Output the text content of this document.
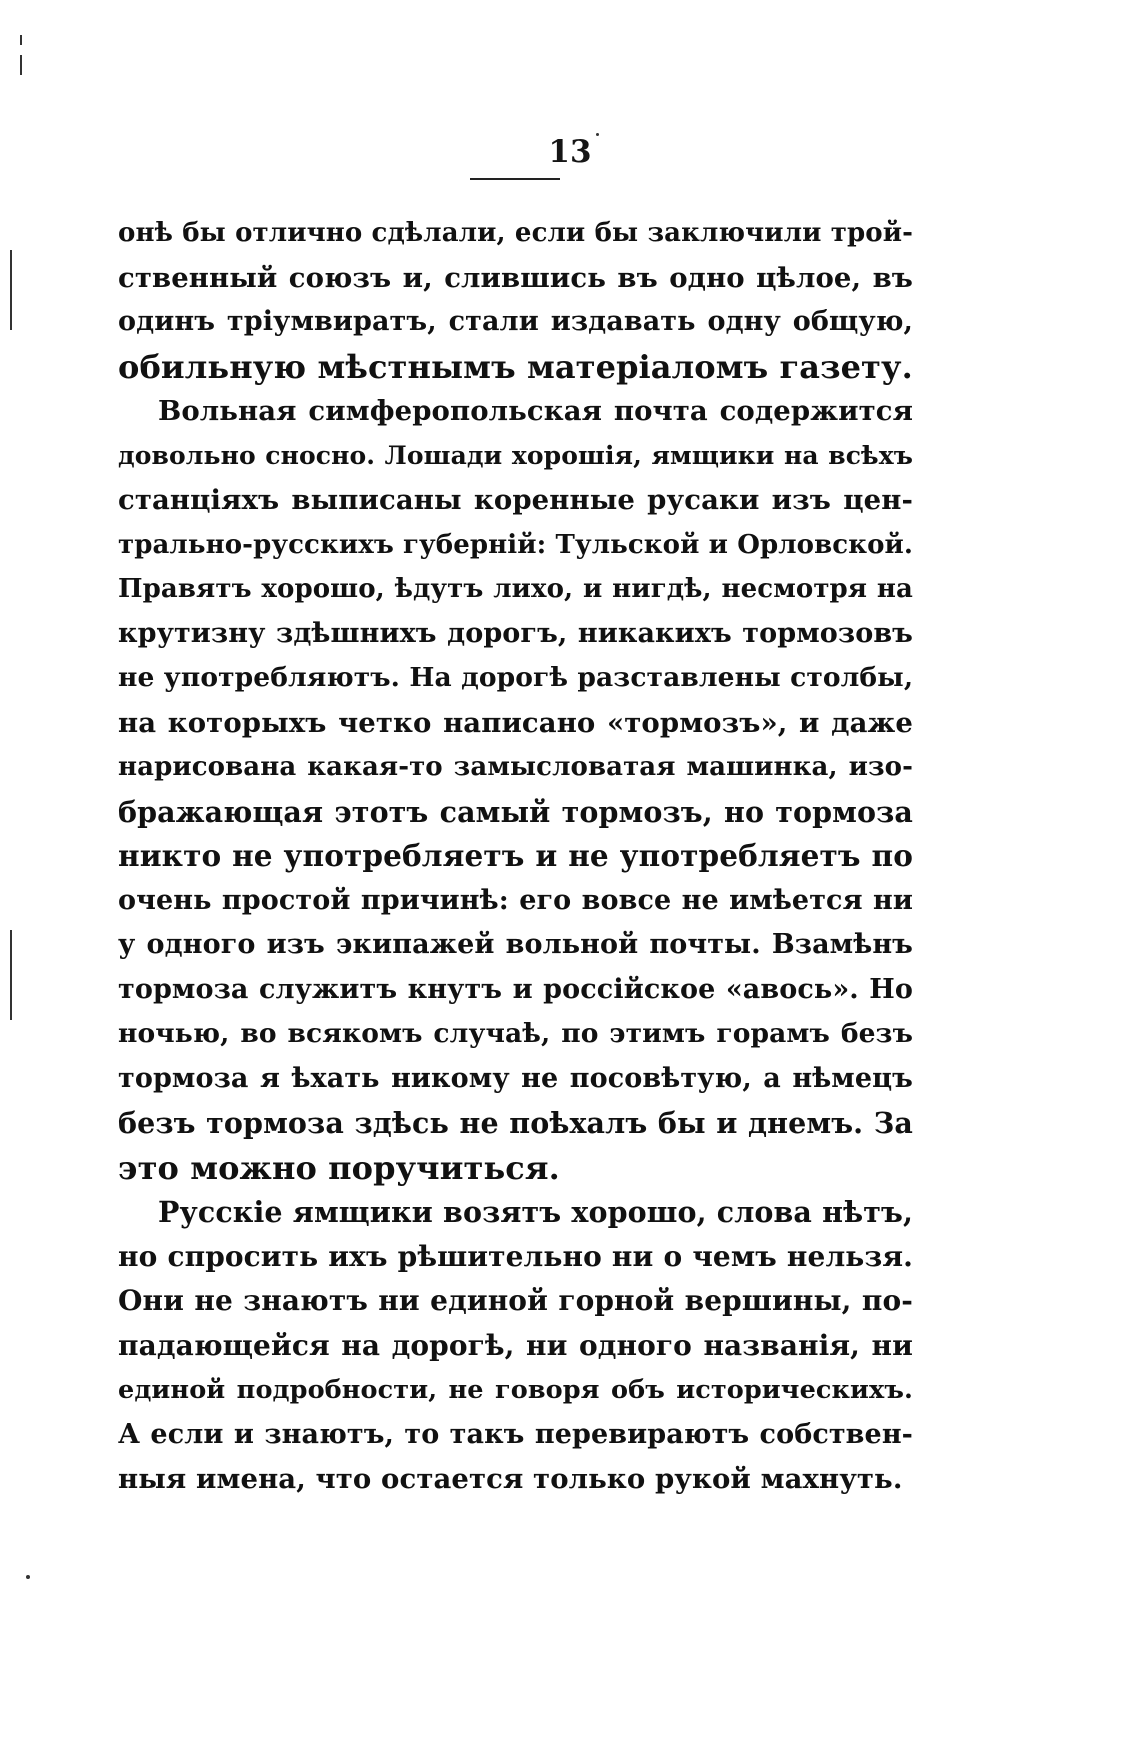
13
онѣ бы отлично сдѣлали, если бы заключили трой-
ственный союзъ и, слившись въ одно цѣлое, въ
одинъ тріумвиратъ, стали издавать одну общую,
обильную мѣстнымъ матеріаломъ газету.
Вольная симферопольская почта содержится
довольно сносно. Лошади хорошія, ямщики на всѣхъ
станціяхъ выписаны коренные русаки изъ цен-
трально-русскихъ губерній: Тульской и Орловской.
Правятъ хорошо, ѣдутъ лихо, и нигдѣ, несмотря на
крутизну здѣшнихъ дорогъ, никакихъ тормозовъ
не употребляютъ. На дорогѣ разставлены столбы,
на которыхъ четко написано «тормозъ», и даже
нарисована какая-то замысловатая машинка, изо-
бражающая этотъ самый тормозъ, но тормоза
никто не употребляетъ и не употребляетъ по
очень простой причинѣ: его вовсе не имѣется ни
у одного изъ экипажей вольной почты. Взамѣнъ
тормоза служитъ кнутъ и россійское «авось». Но
ночью, во всякомъ случаѣ, по этимъ горамъ безъ
тормоза я ѣхать никому не посовѣтую, а нѣмецъ
безъ тормоза здѣсь не поѣхалъ бы и днемъ. За
это можно поручиться.
Русскіе ямщики возятъ хорошо, слова нѣтъ,
но спросить ихъ рѣшительно ни о чемъ нельзя.
Они не знаютъ ни единой горной вершины, по-
падающейся на дорогѣ, ни одного названія, ни
единой подробности, не говоря объ историческихъ.
А если и знаютъ, то такъ перевираютъ собствен-
ныя имена, что остается только рукой махнуть.
